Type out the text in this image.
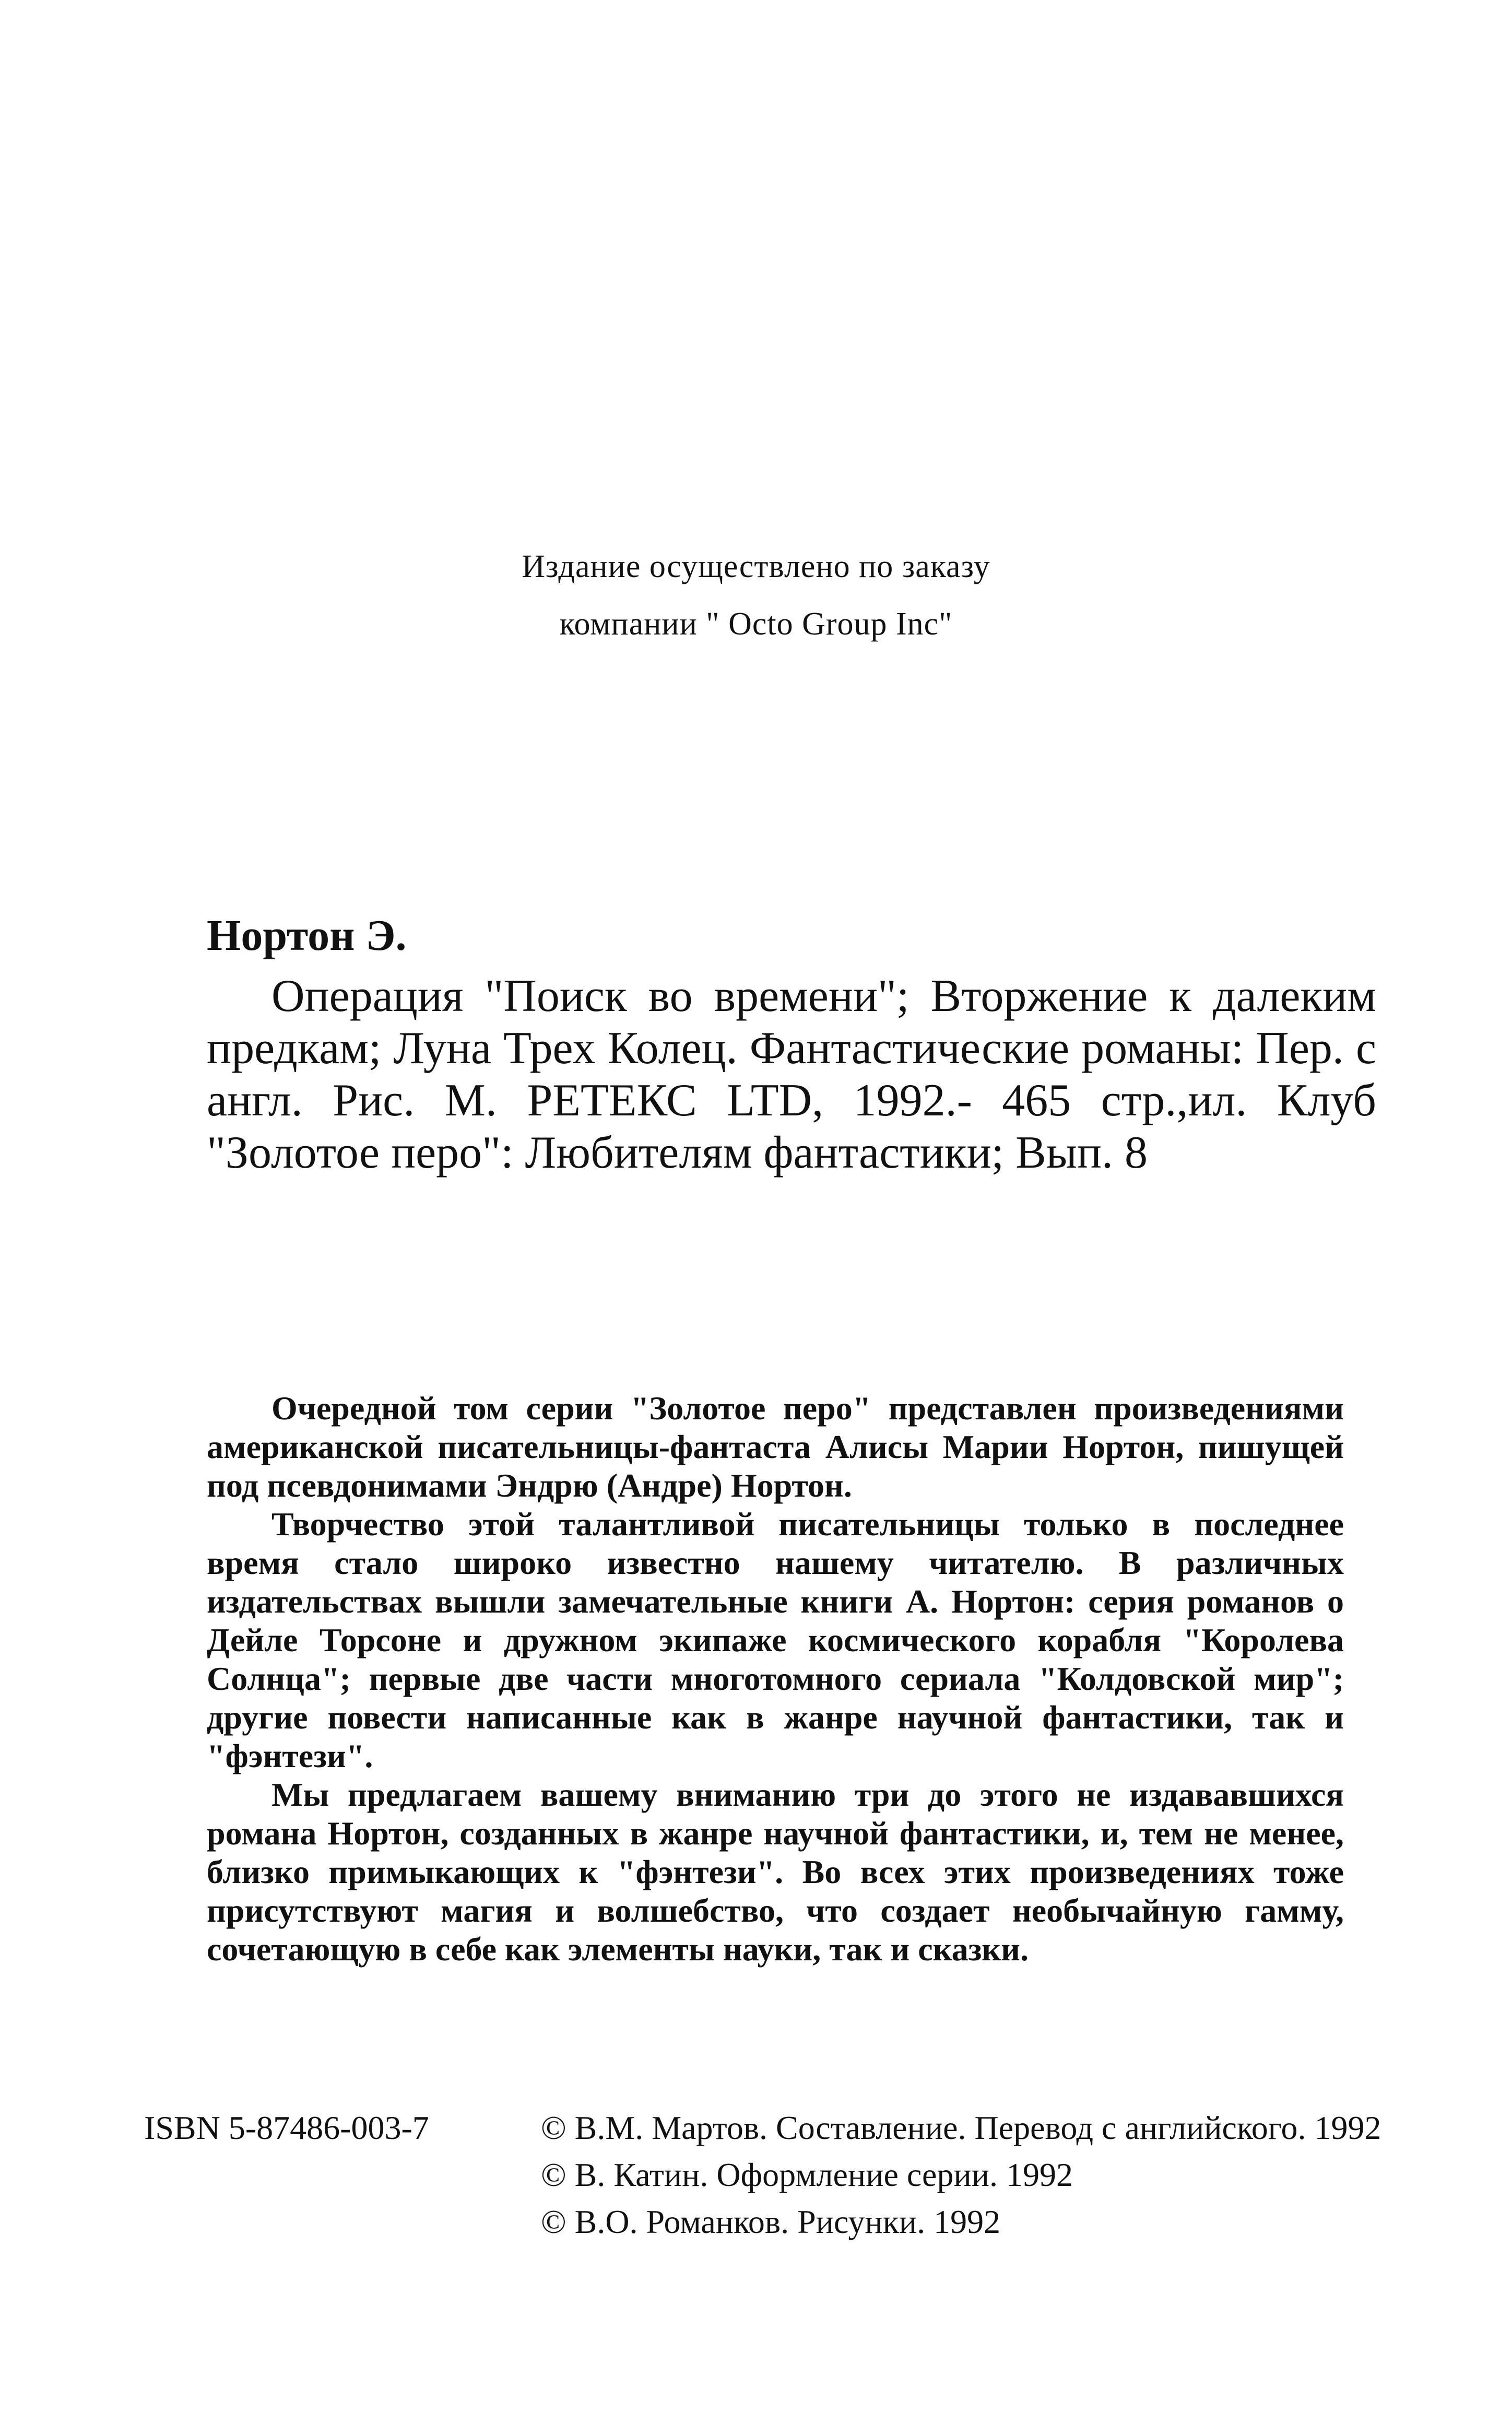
Издание осуществлено по заказу
компании " Octo Group Inc"
Нортон Э.

Операция "Поиск во времени"; Вторжение к далеким предкам; Луна Трех Колец. Фантастические романы: Пер. с англ. Рис. М. РЕТЕКС LTD, 1992.- 465 стр.,ил. Клуб "Золотое перо": Любителям фантастики; Вып. 8

Очередной том серии "Золотое перо" представлен произведениями американской писательницы-фантаста Алисы Марии Нортон, пишущей под псевдонимами Эндрю (Андре) Нортон.

Творчество этой талантливой писательницы только в последнее время стало широко известно нашему читателю. В различных издательствах вышли замечательные книги А. Нортон: серия романов о Дейле Торсоне и дружном экипаже космического корабля "Королева Солнца"; первые две части многотомного сериала "Колдовской мир"; другие повести написанные как в жанре научной фантастики, так и "фэнтези".

Мы предлагаем вашему вниманию три до этого не издававшихся романа Нортон, созданных в жанре научной фантастики, и, тем не менее, близко примыкающих к "фэнтези". Во всех этих произведениях тоже присутствуют магия и волшебство, что создает необычайную гамму, сочетающую в себе как элементы науки, так и сказки.

ISBN 5-87486-003-7	© В.М. Мартов. Составление. Перевод с английского. 1992
© В. Катин. Оформление серии. 1992
© В.О. Романков. Рисунки. 1992
